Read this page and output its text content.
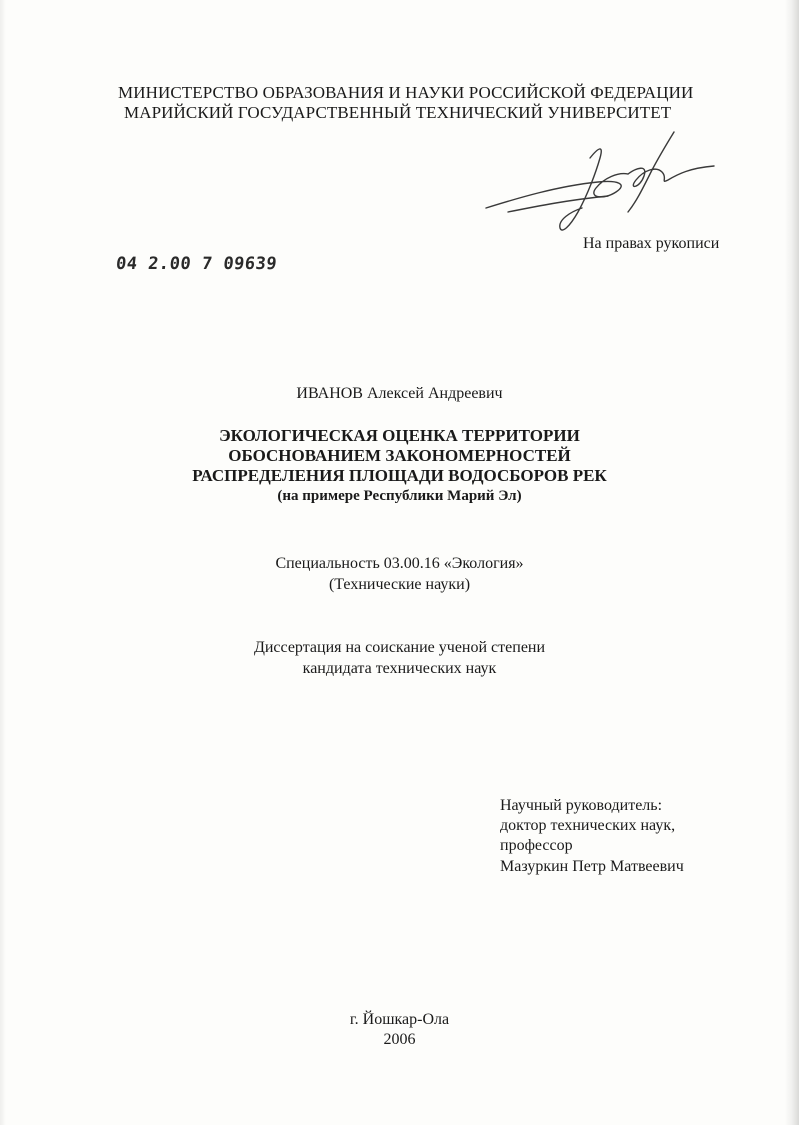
МИНИСТЕРСТВО ОБРАЗОВАНИЯ И НАУКИ РОССИЙСКОЙ ФЕДЕРАЦИИ
МАРИЙСКИЙ ГОСУДАРСТВЕННЫЙ ТЕХНИЧЕСКИЙ УНИВЕРСИТЕТ
На правах рукописи
04 2.00 7 09639
ИВАНОВ Алексей Андреевич
ЭКОЛОГИЧЕСКАЯ ОЦЕНКА ТЕРРИТОРИИ
ОБОСНОВАНИЕМ ЗАКОНОМЕРНОСТЕЙ
РАСПРЕДЕЛЕНИЯ ПЛОЩАДИ ВОДОСБОРОВ РЕК
(на примере Республики Марий Эл)
Специальность 03.00.16 «Экология»
(Технические науки)
Диссертация на соискание ученой степени
кандидата технических наук
Научный руководитель:
доктор технических наук,
профессор
Мазуркин Петр Матвеевич
г. Йошкар-Ола
2006
